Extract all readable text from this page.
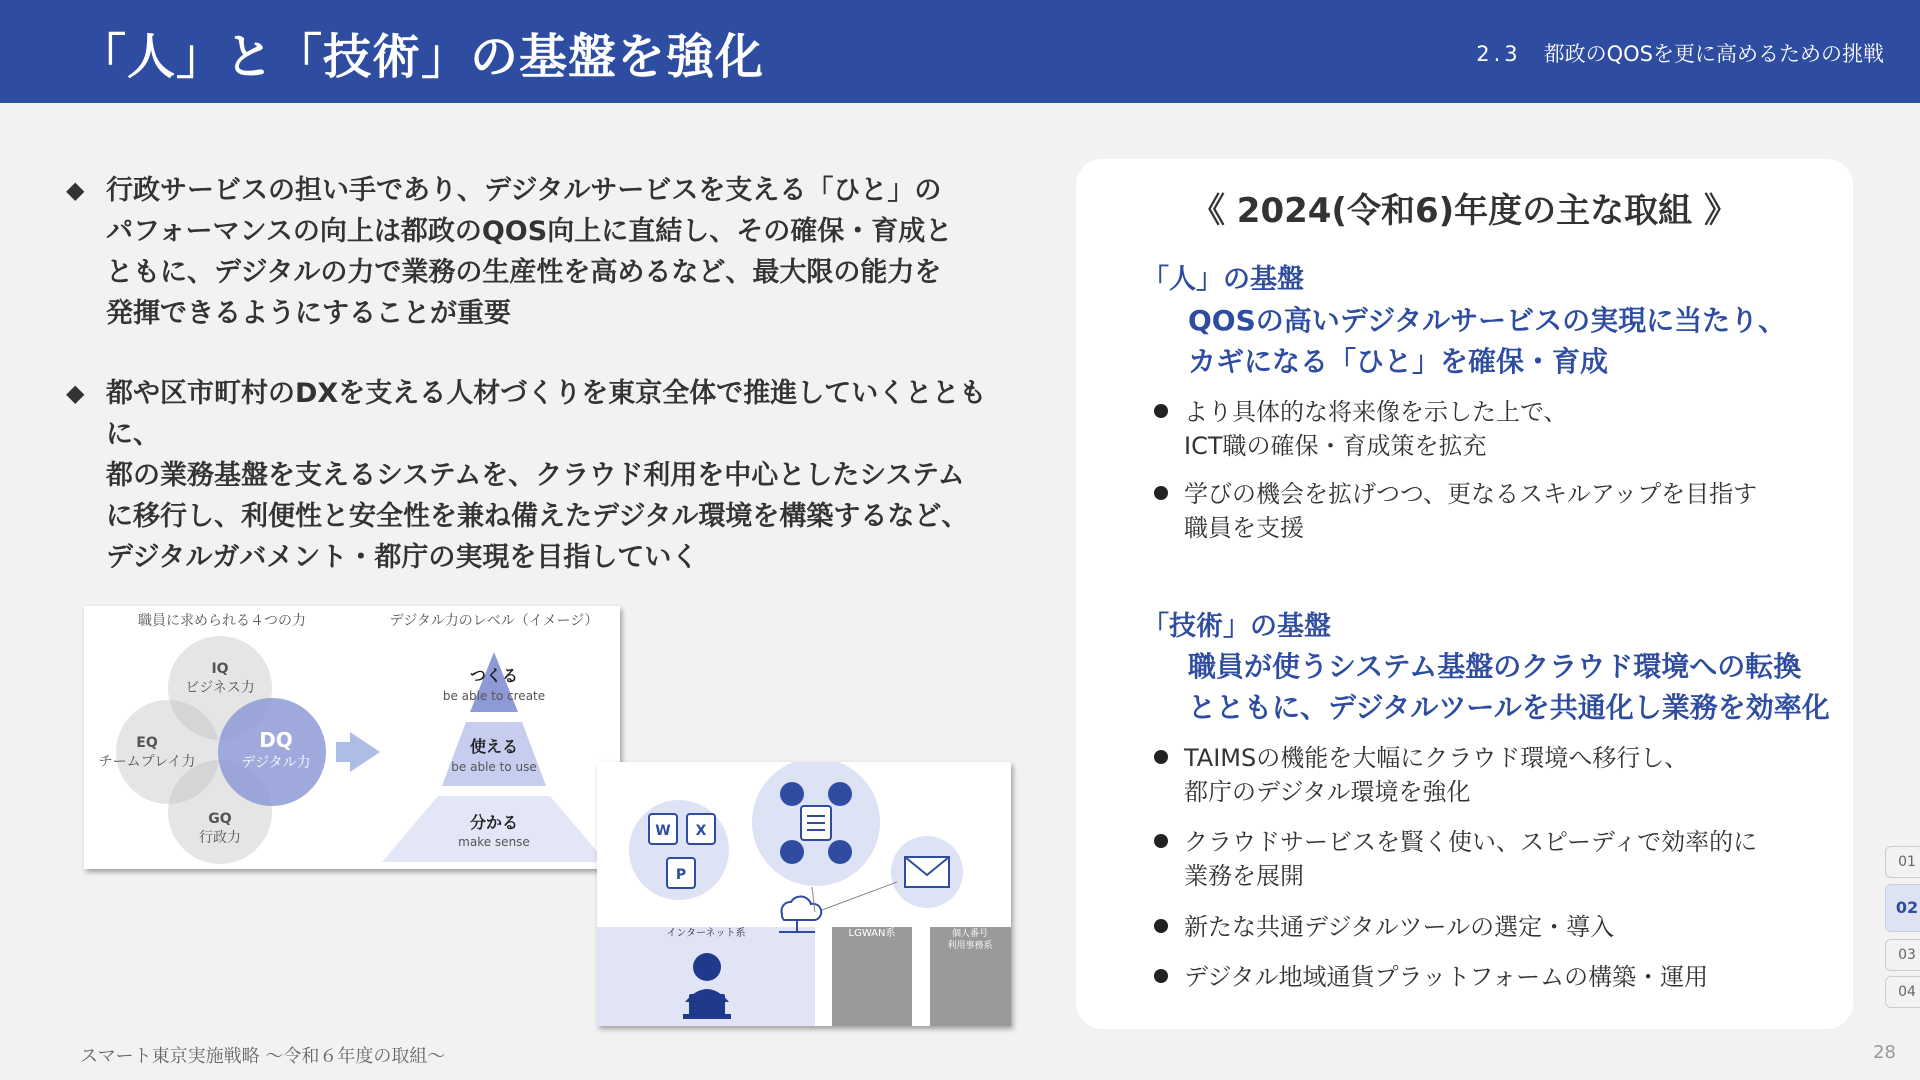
「人」と「技術」の基盤を強化	2.3 都政のQOSを更に高めるための挑戦
◆ 行政サービスの担い手であり、デジタルサービスを支える「ひと」の
パフォーマンスの向上は都政のQOS向上に直結し、その確保・育成と
ともに、デジタルの力で業務の生産性を高めるなど、最大限の能力を
発揮できるようにすることが重要
◆ 都や区市町村のDXを支える人材づくりを東京全体で推進していくとともに、
都の業務基盤を支えるシステムを、クラウド利用を中心としたシステム
に移行し、利便性と安全性を兼ね備えたデジタル環境を構築するなど、
デジタルガバメント・都庁の実現を目指していく
職員に求められる４つの力	デジタル力のレベル（イメージ）
IQ
ビジネス力
EQ
チームプレイ力
DQ
デジタル力
GQ
行政力
つくる
be able to create
使える
be able to use
分かる
make sense
インターネット系	LGWAN系	個人番号
利用事務系
W X
P
《 2024(令和6)年度の主な取組 》
「人」の基盤
QOSの高いデジタルサービスの実現に当たり、
カギになる「ひと」を確保・育成
より具体的な将来像を示した上で、
ICT職の確保・育成策を拡充
学びの機会を拡げつつ、更なるスキルアップを目指す
職員を支援
「技術」の基盤
職員が使うシステム基盤のクラウド環境への転換
とともに、デジタルツールを共通化し業務を効率化
TAIMSの機能を大幅にクラウド環境へ移行し、
都庁のデジタル環境を強化
クラウドサービスを賢く使い、スピーディで効率的に
業務を展開
新たな共通デジタルツールの選定・導入
デジタル地域通貨プラットフォームの構築・運用
01
02
03
04
スマート東京実施戦略 〜令和６年度の取組〜	28
